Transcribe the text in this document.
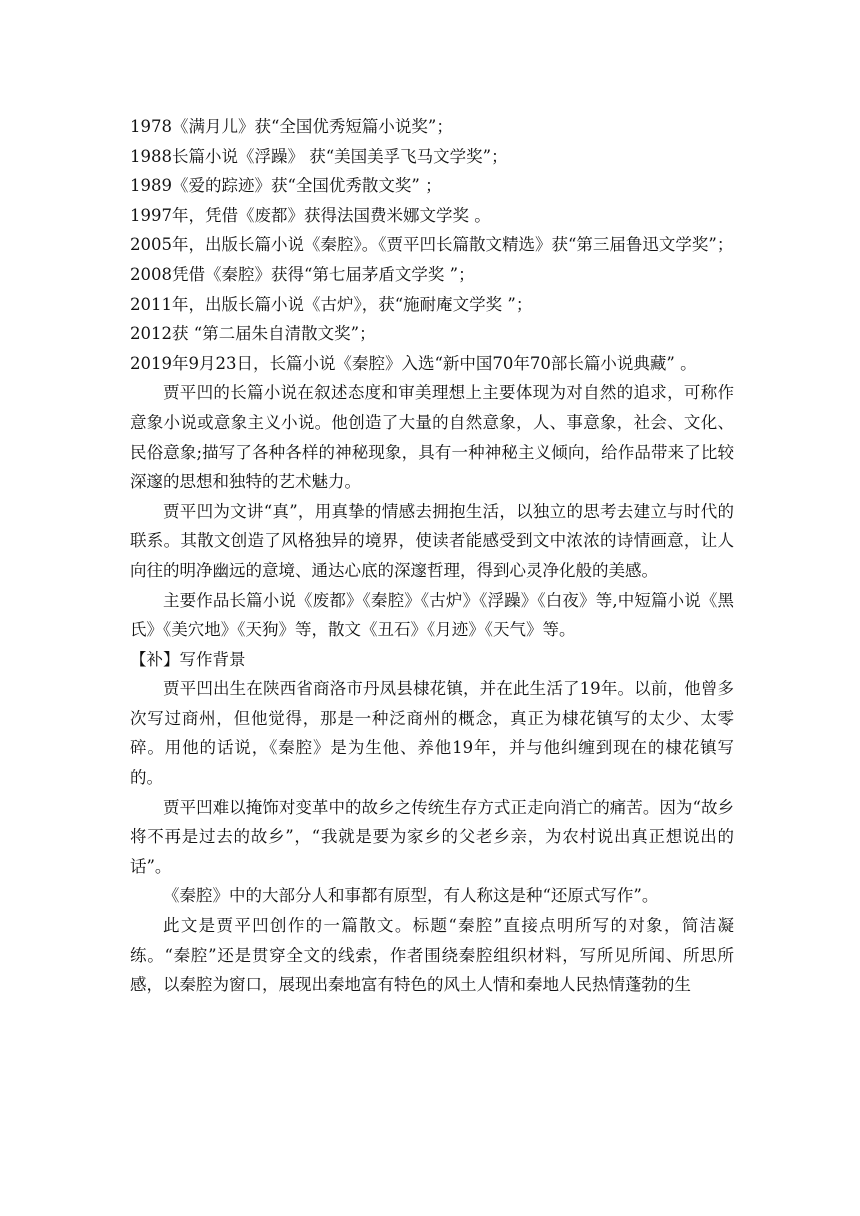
1978《满月儿》获“全国优秀短篇小说奖”；

1988长篇小说《浮躁》 获“美国美孚飞马文学奖”；

1989《爱的踪迹》获“全国优秀散文奖” ；

1997年，凭借《废都》获得法国费米娜文学奖 。

2005年，出版长篇小说《秦腔》。《贾平凹长篇散文精选》获“第三届鲁迅文学奖”；

2008凭借《秦腔》获得“第七届茅盾文学奖 ”；

2011年，出版长篇小说《古炉》，获“施耐庵文学奖 ”；

2012获 “第二届朱自清散文奖”；

2019年9月23日，长篇小说《秦腔》入选“新中国70年70部长篇小说典藏” 。

贾平凹的长篇小说在叙述态度和审美理想上主要体现为对自然的追求，可称作意象小说或意象主义小说。他创造了大量的自然意象，人、事意象，社会、文化、民俗意象;描写了各种各样的神秘现象，具有一种神秘主义倾向，给作品带来了比较深邃的思想和独特的艺术魅力。

贾平凹为文讲“真”，用真挚的情感去拥抱生活，以独立的思考去建立与时代的联系。其散文创造了风格独异的境界，使读者能感受到文中浓浓的诗情画意，让人向往的明净幽远的意境、通达心底的深邃哲理，得到心灵净化般的美感。

主要作品长篇小说《废都》《秦腔》《古炉》《浮躁》《白夜》等,中短篇小说《黑氏》《美穴地》《天狗》等，散文《丑石》《月迹》《天气》等。

【补】写作背景

贾平凹出生在陕西省商洛市丹凤县棣花镇，并在此生活了19年。以前，他曾多次写过商州，但他觉得，那是一种泛商州的概念，真正为棣花镇写的太少、太零碎。用他的话说，《秦腔》是为生他、养他19年，并与他纠缠到现在的棣花镇写的。

贾平凹难以掩饰对变革中的故乡之传统生存方式正走向消亡的痛苦。因为“故乡将不再是过去的故乡”，“我就是要为家乡的父老乡亲，为农村说出真正想说出的话”。

《秦腔》中的大部分人和事都有原型，有人称这是种“还原式写作”。

此文是贾平凹创作的一篇散文。标题“秦腔”直接点明所写的对象，简洁凝练。“秦腔”还是贯穿全文的线索，作者围绕秦腔组织材料，写所见所闻、所思所感，以秦腔为窗口，展现出秦地富有特色的风土人情和秦地人民热情蓬勃的生
